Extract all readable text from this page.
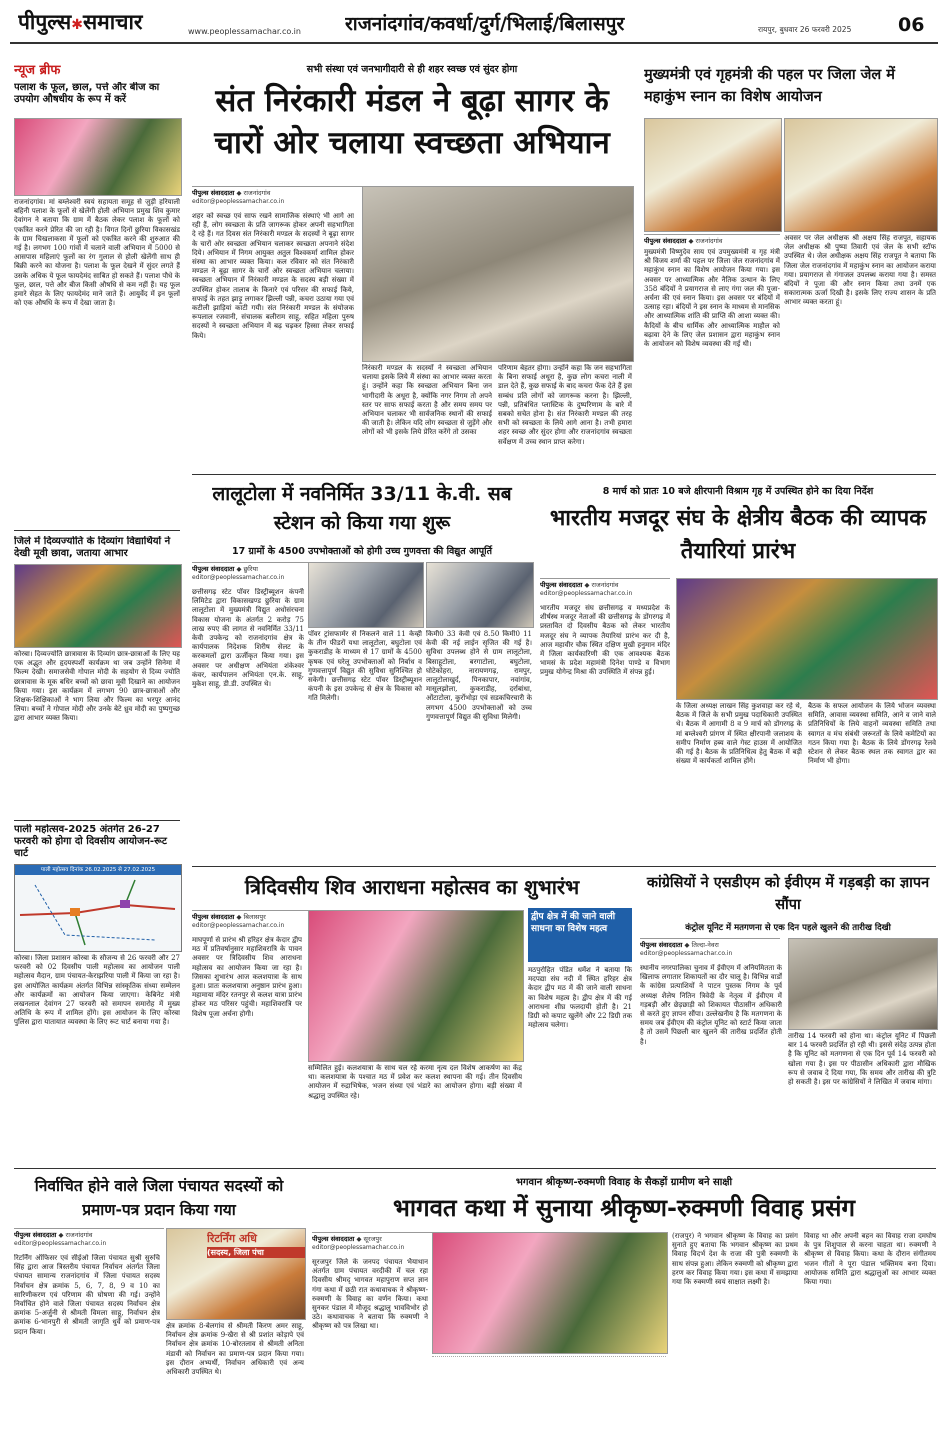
पीपुल्स✱समाचार	www.peoplessamachar.co.in	राजनांदगांव/कवर्धा/दुर्ग/भिलाई/बिलासपुर	रायपुर, बुधवार 26 फरवरी 2025	06
न्यूज ब्रीफ
पलाश के फूल, छाल, पत्ते और बीज का उपयोग औषधीय के रूप में करें
राजनांदगांव। मां बम्लेश्वरी स्वयं सहायता समूह से जुड़ी हरियाली बहिनी पलाश के फूलों से खेलेंगी होली अभियान प्रमुख शिव कुमार देवांगन ने बताया कि ग्राम में बैठक लेकर पलाश के फूलों को एकत्रित करने प्रेरित की जा रही है। विगत दिनों छुरिया विकासखंड के ग्राम चिखलाकसा में फूलों को एकत्रित करने की शुरुआत की गई है। लगभग 100 गांवों में चलाने वाली अभियान में 5000 से आसपास महिलाएं फूलों का रंग गुलाल से होली खेलेंगी साथ ही बिक्री करने का योजना है। पलाश के फूल देखने में सुंदर लगते हैं उसके अधिक ये फूल फायदेमंद साबित हो सकते हैं। पलाश पौधे के फूल, छाल, पत्ते और बीज किसी औषधि से कम नहीं हैं। यह फूल हमारे सेहत के लिए फायदेमंद माने जाते हैं। आयुर्वेद में इन फूलों को एक औषधि के रूप में देखा जाता है।
जिले में दिव्यज्योति के दिव्यांग विद्यार्थियों ने देखी मूवी छावा, जताया आभार
कोरबा। दिव्यज्योति छात्रावास के दिव्यांग छात्र-छात्राओं के लिए यह एक अद्भुत और हृदयस्पर्शी कार्यक्रम था जब उन्होंने सिनेमा में फिल्म देखी। समाजसेवी गोपाल मोदी के सहयोग से दिव्य ज्योति छात्रावास के मूक बधिर बच्चों को छावा मूवी दिखाने का आयोजन किया गया। इस कार्यक्रम में लगभग 90 छात्र-छात्राओं और शिक्षक-शिक्षिकाओं ने भाग लिया और फिल्म का भरपूर आनंद लिया। बच्चों ने गोपाल मोदी और उनके बेटे ध्रुव मोदी का पुष्पगुच्छ द्वारा आभार व्यक्त किया।
पाली महोत्सव-2025 अंतर्गत 26-27 फरवरी को होगा दो दिवसीय आयोजन-रूट चार्ट
पाली महोत्सव दिनांक 26.02.2025 से 27.02.2025
कोरबा। जिला प्रशासन कोरबा के सौजन्य से 26 फरवरी और 27 फरवरी को 02 दिवसीय पाली महोत्सव का आयोजन पाली महोत्सव मैदान, ग्राम पंचायत-केराझरिया पाली में किया जा रहा है। इस आयोजित कार्यक्रम अंतर्गत विभिन्न सांस्कृतिक संध्या सम्मेलन और कार्यक्रमों का आयोजन किया जाएगा। केबिनेट मंत्री लखनलाल देवांगन 27 फरवरी को समापन समारोह में मुख्य अतिथि के रूप में शामिल होंगे। इस आयोजन के लिए कोरबा पुलिस द्वारा यातायात व्यवस्था के लिए रूट चार्ट बनाया गया है।
सभी संस्था एवं जनभागीदारी से ही शहर स्वच्छ एवं सुंदर होगा
संत निरंकारी मंडल ने बूढ़ा सागर के चारों ओर चलाया स्वच्छता अभियान
पीपुल्स संवाददाता ◆ राजनांदगांव
editor@peoplessamachar.co.in
शहर को स्वच्छ एवं साफ रखने सामाजिक संस्थाएं भी आगे आ रही हैं, लोग स्वच्छता के प्रति जागरूक होकर अपनी सहभागिता दे रहे हैं। गत दिवस संत निरंकारी मण्डल के सदस्यों ने बूढ़ा सागर के चारों ओर स्वच्छता अभियान चलाकर स्वच्छता अपनाने संदेश दिये। अभियान में निगम आयुक्त अतुल विश्वकर्मा शामिल होकर संस्था का आभार व्यक्त किया। कल रविवार को संत निरंकारी मण्डल ने बूढ़ा सागर के चारों ओर स्वच्छता अभियान चलाया। स्वच्छता अभियान में निरंकारी मण्डल के सदस्य बड़ी संख्या में उपस्थित होकर तालाब के किनारे एवं परिसर की सफाई किये, सफाई के तहत झाड़ू लगाकर झिल्ली पन्नी, कचरा उठाया गया एवं कटीली झाड़ियां काटी गयी। संत निरंकारी मण्डल के संयोजक रूपलाल रजवानी, संचालक बलीराम साहू, सहित महिला पुरुष सदस्यों ने स्वच्छता अभियान में बढ़ चढ़कर हिस्सा लेकर सफाई किये।
निरंकारी मण्डल के सदस्यों ने स्वच्छता अभियान चलाया इसके लिये मैं संस्था का आभार व्यक्त करता हूं। उन्होंने कहा कि स्वच्छता अभियान बिना जन भागीदारी के अधूरा है, क्योंकि नगर निगम तो अपने स्तर पर साफ सफाई करता है और समय समय पर अभियान चलाकर भी सार्वजनिक स्थानों की सफाई की जाती है। लेकिन यदि लोग स्वच्छता से जुड़ेंगे और लोगों को भी इसके लिये प्रेरित करेंगे तो उसका
परिणाम बेहतर होगा। उन्होंने कहा कि जन सहभागिता के बिना सफाई अधूरा है, कुछ लोग कचरा नाली में डाल देते हैं, कुछ सफाई के बाद कचरा फेंक देते हैं इस सम्बंध प्रति लोगों को जागरूक करना है। झिल्ली, पन्नी, प्रतिबंधित प्लास्टिक के दुष्परिणाम के बारे में सबको सचेत होना है। संत निरंकारी मण्डल की तरह सभी को स्वच्छता के लिये आगे आना है। तभी हमारा शहर स्वच्छ और सुंदर होगा और राजनांदगांव स्वच्छता सर्वेक्षण में उच्च स्थान प्राप्त करेगा।
मुख्यमंत्री एवं गृहमंत्री की पहल पर जिला जेल में महाकुंभ स्नान का विशेष आयोजन
पीपुल्स संवाददाता ◆ राजनांदगांव
मुख्यमंत्री विष्णुदेव साय एवं उपमुख्यमंत्री व गृह मंत्री श्री विजय शर्मा की पहल पर जिला जेल राजनांदगांव में महाकुंभ स्नान का विशेष आयोजन किया गया। इस अवसर पर आध्यात्मिक और नैतिक उत्थान के लिए 358 बंदियों ने प्रयागराज से लाए गंगा जल की पूजा-अर्चना की एवं स्नान किया। इस अवसर पर बंदियों में उत्साह रहा। बंदियों ने इस स्नान के माध्यम से मानसिक और आध्यात्मिक शांति की प्राप्ति की आशा व्यक्त की। कैदियों के बीच धार्मिक और आध्यात्मिक माहौल को बढ़ावा देने के लिए जेल प्रशासन द्वारा महाकुंभ स्नान के आयोजन को विशेष व्यवस्था की गई थी।
अवसर पर जेल अधीक्षक श्री अक्षय सिंह राजपूत, सहायक जेल अधीक्षक श्री पुष्पा तिवारी एवं जेल के सभी स्टॉफ उपस्थित थे। जेल अधीक्षक अक्षय सिंह राजपूत ने बताया कि जिला जेल राजनांदगांव में महाकुंभ स्नान का आयोजन कराया गया। प्रयागराज से गंगाजल उपलब्ध कराया गया है। समस्त बंदियों ने पूजा की और स्नान किया तथा उनमें एक सकारात्मक ऊर्जा दिखी है। इसके लिए राज्य शासन के प्रति आभार व्यक्त करता हूं।
लालूटोला में नवनिर्मित 33/11 के.वी. सब स्टेशन को किया गया शुरू
17 ग्रामों के 4500 उपभोक्ताओं को होगी उच्च गुणवत्ता की विद्युत आपूर्ति
पीपुल्स संवाददाता ◆ छुरिया
editor@peoplessamachar.co.in
छत्तीसगढ़ स्टेट पॉवर डिस्ट्रीब्यूशन कंपनी लिमिटेड द्वारा विकासखण्ड छुरिया के ग्राम लालूटोला में मुख्यमंत्री विद्युत अधोसंरचना विकास योजना के अंतर्गत 2 करोड़ 75 लाख रुपए की लागत से नवनिर्मित 33/11 केवी उपकेन्द्र को राजनांदगांव क्षेत्र के कार्यपालक निदेशक शिरीष सेलट के करकमलों द्वारा ऊर्जीकृत किया गया। इस अवसर पर अधीक्षण अभियंता शंकेश्वर कंवर, कार्यपालन अभियंता एन.के. साहू, मुकेश साहू, डी.डी. उपस्थित थे।
पॉवर ट्रांसफार्मर से निकलने वाले 11 केव्ही के तीन फीडरों यथा लालूटोला, बघुटोला एवं कुकराडीह के माध्यम से 17 ग्रामों के 4500 कृषक एवं घरेलू उपभोक्ताओं को निर्बाध व गुणवत्तापूर्ण विद्युत की सुविधा सुनिश्चित हो सकेगी। छत्तीसगढ़ स्टेट पॉवर डिस्ट्रीब्यूशन कंपनी के इस उपकेन्द्र से क्षेत्र के विकास को गति मिलेगी।
किमी0 33 केवी एवं 8.50 किमी0 11 केवी की नई लाईन सृजित की गई है। सुविधा उपलब्ध होने से ग्राम लालूटोला, बिसाहूटोला, बरगाटोला, बघुटोला, घोटेकोहरा, नारायणगढ़, रामपुर, लालूटोलाखुर्द, पिनकापार, नवांगांव, मासूलझोला, कुकराडीह, दर्राबांधा, ओंटाटोला, कुर्रोभोड़ा एवं सडकचिरचारी के लगभग 4500 उपभोक्ताओं को उच्च गुणवत्तापूर्ण विद्युत की सुविधा मिलेगी।
8 मार्च को प्रातः 10 बजे क्षीरपानी विश्राम गृह में उपस्थित होने का दिया निर्देश
भारतीय मजदूर संघ के क्षेत्रीय बैठक की व्यापक तैयारियां प्रारंभ
पीपुल्स संवाददाता ◆ राजनांदगांव
editor@peoplessamachar.co.in
भारतीय मजदूर संघ छत्तीसगढ़ व मध्यप्रदेश के शीर्षस्थ मजदूर नेताओं की छत्तीसगढ़ के डोंगरगढ़ में प्रस्तावित दो दिवसीय बैठक को लेकर भारतीय मजदूर संघ ने व्यापक तैयारियां प्रारंभ कर दी है, आज महावीर चौक स्थित दक्षिण मुखी हनुमान मंदिर में जिला कार्यकारिणी की एक आवश्यक बैठक भामसं के प्रदेश महामंत्री दिनेश पाण्डे व विभाग प्रमुख योगेन्द्र मिश्रा की उपस्थिति में संपन्न हुई।
के जिला अध्यक्ष लाखन सिंह कुशवाहा कर रहे थे, बैठक में जिले के सभी प्रमुख पदाधिकारी उपस्थित थे। बैठक में आगामी 8 व 9 मार्च को डोंगरगढ़ के मां बम्लेश्वरी प्रांगण में स्थित क्षीरपानी जलाशय के समीप निर्माण हब्य वाले गेस्ट हाउस में आयोजित की गई है। बैठक के प्रतिनिधित्व हेतु बैठक में बड़ी संख्या में कार्यकर्ता शामिल होंगे।
बैठक के सफल आयोजन के लिये भोजन व्यवस्था समिति, आवास व्यवस्था समिति, आने व जाने वाले प्रतिनिधियों के लिये वाहनों व्यवस्था समिति तथा स्वागत व मंच संबंधी जरूरतों के लिये कमेटियों का गठन किया गया है। बैठक के लिये डोंगरगढ़ रेलवे स्टेशन से लेकर बैठक स्थल तक स्वागत द्वार का निर्माण भी होगा।
त्रिदिवसीय शिव आराधना महोत्सव का शुभारंभ
पीपुल्स संवाददाता ◆ बिलासपुर
editor@peoplessamachar.co.in
माघपूर्णा से प्रारंभ श्री हरिहर क्षेत्र केदार द्वीप मठ में प्रतिवर्षानुसार महाशिवरात्रि के पावन अवसर पर त्रिदिवसीय शिव आराधना महोत्सव का आयोजन किया जा रहा है। जिसका शुभारंभ आज कलशयात्रा के साथ हुआ। प्रातः कलशयात्रा अनुष्ठान प्रारंभ हुआ। महामाया मंदिर रतनपुर से कलश यात्रा प्रारंभ होकर मठ परिसर पहुंची। महाशिवरात्रि पर विशेष पूजा अर्चना होगी।
सम्मिलित हुई। कलशयात्रा के साथ चल रहे करमा नृत्य दल विशेष आकर्षण का केंद्र था। कलशयात्रा के पश्चात मठ में प्रवेश कर कलश स्थापना की गई। तीन दिवसीय आयोजन में रुद्राभिषेक, भजन संध्या एवं भंडारे का आयोजन होगा। बड़ी संख्या में श्रद्धालु उपस्थित रहे।
द्वीप क्षेत्र में की जाने वाली साधना का विशेष महत्व
मठपुरोहित पंडित धर्मेश ने बताया कि मदपद्या संघ नदी में स्थित हरिहर क्षेत्र केदार द्वीप मठ में की जाने वाली साधना का विशेष महत्व है। द्वीप क्षेत्र में की गई आराधना शीघ्र फलदायी होती है। 21 डिग्री को कपाट खुलेंगे और 22 डिग्री तक महोत्सव चलेगा।
कांग्रेसियों ने एसडीएम को ईवीएम में गड़बड़ी का ज्ञापन सौंपा
कंट्रोल यूनिट में मतगणना से एक दिन पहले खुलने की तारीख दिखी
पीपुल्स संवाददाता ◆ तिल्दा-नेवरा
editor@peoplessamachar.co.in
स्थानीय नगरपालिका चुनाव में ईवीएम में अनियमितता के खिलाफ लगातार शिकायतों का दौर चालू है। विभिन्न वार्डों के कांग्रेस प्रत्याशियों ने पाटन पुस्तक निगम के पूर्व अध्यक्ष शैलेष नितिन त्रिवेदी के नेतृत्व में ईवीएम में गड़बड़ी और छेड़छाड़ी को शिकायत पीठासीन अधिकारी से करते हुए ज्ञापन सौंपा। उल्लेखनीय है कि मतगणना के समय जब ईवीएम की कंट्रोल यूनिट को स्टार्ट किया जाता है तो उसमें पिछली बार खुलने की तारीख प्रदर्शित होती है।
तारीख 14 फरवरी को होना था। कंट्रोल यूनिट में पिछली बार 14 फरवरी प्रदर्शित हो रही थी। इससे संदेह उत्पन्न होता है कि यूनिट को मतगणना से एक दिन पूर्व 14 फरवरी को खोला गया है। इस पर पीठासीन अधिकारी द्वारा मौखिक रूप से जवाब दे दिया गया, कि समय और तारीख की त्रुटि हो सकती है। इस पर कांग्रेसियों ने लिखित में जवाब मांगा।
निर्वाचित होने वाले जिला पंचायत सदस्यों को प्रमाण-पत्र प्रदान किया गया
पीपुल्स संवाददाता ◆ राजनांदगांव
editor@peoplessamachar.co.in
रिटर्निंग ऑफिसर एवं सीईओ जिला पंचायत सुश्री सुरुचि सिंह द्वारा आज त्रिस्तरीय पंचायत निर्वाचन अंतर्गत जिला पंचायत सामान्य राजनांदगांव में जिला पंचायत सदस्य निर्वाचन क्षेत्र क्रमांक 5, 6, 7, 8, 9 व 10 का सारिणीकरण एवं परिणाम की घोषणा की गई। उन्होंने निर्वाचित होने वाले जिला पंचायत सदस्य निर्वाचन क्षेत्र क्रमांक 5-अर्जुनी से श्रीमती विमला साहू, निर्वाचन क्षेत्र क्रमांक 6-भानपुरी से श्रीमती जागृति धुर्वे को प्रमाण-पत्र प्रदान किया।
रिटर्निंग अधि
(सदस्य, जिला पंचा
क्षेत्र क्रमांक 8-बेलगांव से श्रीमती किरण अमर साहू, निर्वाचन क्षेत्र क्रमांक 9-खैरा से श्री प्रशांत कोड़ापे एवं निर्वाचन क्षेत्र क्रमांक 10-बोरतलाव से श्रीमती अनिता मंडावी को निर्वाचन का प्रमाण-पत्र प्रदान किया गया। इस दौरान अभ्यर्थी, निर्वाचन अधिकारी एवं अन्य अधिकारी उपस्थित थे।
भगवान श्रीकृष्ण-रुक्मणी विवाह के सैकड़ों ग्रामीण बने साक्षी
भागवत कथा में सुनाया श्रीकृष्ण-रुक्मणी विवाह प्रसंग
पीपुल्स संवाददाता ◆ सूरजपुर
editor@peoplessamachar.co.in
सूरजपुर जिले के जनपद पंचायत भैयाथान अंतर्गत ग्राम पंचायत वरदीकी में चल रहा दिवसीय श्रीमद् भागवत महापुराण सप्त ज्ञान गंगा कथा में छठी रात कथावाचक ने श्रीकृष्ण-रुक्मणी के विवाह का वर्णन किया। कथा सुनकर पंडाल में मौजूद श्रद्धालु भावविभोर हो उठे। कथावाचक ने बताया कि रुक्मणी ने श्रीकृष्ण को पत्र लिखा था।
(राजपुर) ने भगवान श्रीकृष्ण के विवाह का प्रसंग सुनाते हुए बताया कि भगवान श्रीकृष्ण का प्रथम विवाह विदर्भ देश के राजा की पुत्री रुक्मणी के साथ संपन्न हुआ। लेकिन रुक्मणी को श्रीकृष्ण द्वारा हरण कर विवाह किया गया। इस कथा में समझाया गया कि रुक्मणी स्वयं साक्षात लक्ष्मी है।
विवाह था और अपनी बहन का विवाह राजा दमघोष के पुत्र शिशुपाल से करना चाहता था। रुक्मणी ने श्रीकृष्ण से विवाह किया। कथा के दौरान संगीतमय भजन गीतों ने पूरा पंडाल भक्तिमय बना दिया। आयोजक समिति द्वारा श्रद्धालुओं का आभार व्यक्त किया गया।
